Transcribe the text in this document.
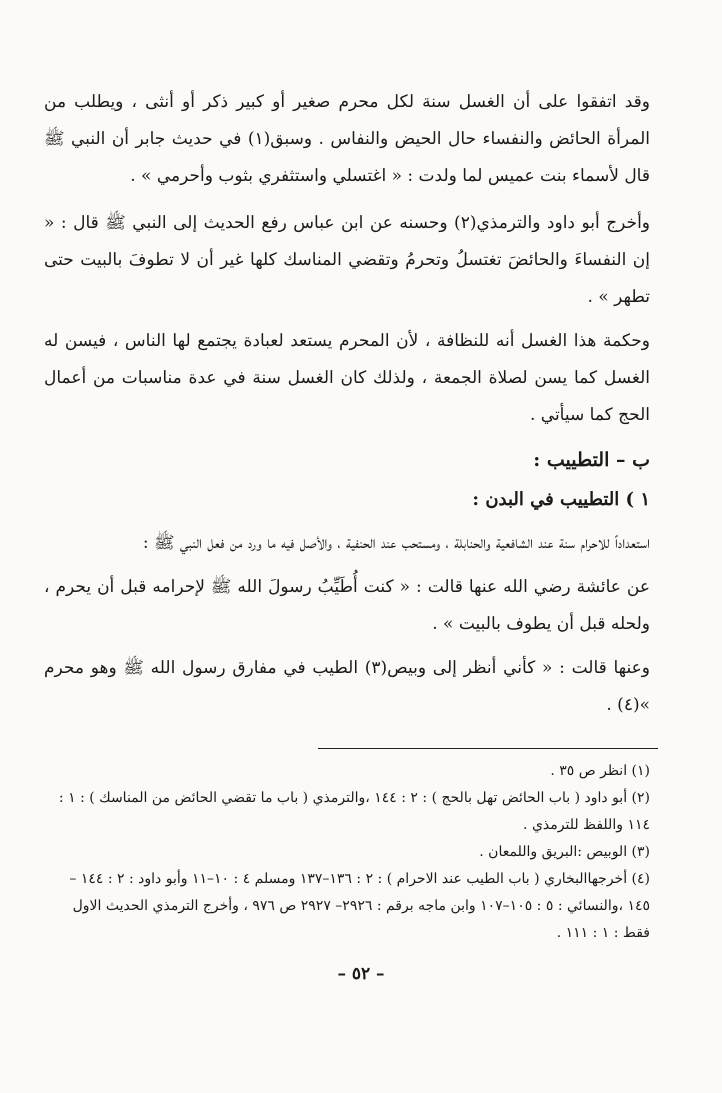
وقد اتفقوا على أن الغسل سنة لكل محرم صغير أو كبير ذكر أو أنثى ، ويطلب من المرأة الحائض والنفساء حال الحيض والنفاس . وسبق(١) في حديث جابر أن النبي ﷺ قال لأسماء بنت عميس لما ولدت : « اغتسلي واستثفري بثوب وأحرمي » .

وأخرج أبو داود والترمذي(٢) وحسنه عن ابن عباس رفع الحديث إلى النبي ﷺ قال : « إن النفساءَ والحائضَ تغتسلُ وتحرمُ وتقضي المناسك كلها غير أن لا تطوفَ بالبيت حتى تطهر » .

وحكمة هذا الغسل أنه للنظافة ، لأن المحرم يستعد لعبادة يجتمع لها الناس ، فيسن له الغسل كما يسن لصلاة الجمعة ، ولذلك كان الغسل سنة في عدة مناسبات من أعمال الحج كما سيأتي .

ب – التطييب :
١ ) التطييب في البدن :

استعداداً للاحرام سنة عند الشافعية والحنابلة ، ومستحب عند الحنفية ، والأصل فيه ما ورد من فعل النبي ﷺ :

عن عائشة رضي الله عنها قالت : « كنت أُطَيِّبُ رسولَ الله ﷺ لإحرامه قبل أن يحرم ، ولحله قبل أن يطوف بالبيت » .

وعنها قالت : « كأني أنظر إلى وبيص(٣) الطيب في مفارق رسول الله ﷺ وهو محرم »(٤) .

(١) انظر ص ٣٥ .

(٢) أبو داود ( باب الحائض تهل بالحج ) : ٢ : ١٤٤ ،والترمذي ( باب ما تقضي الحائض من المناسك ) : ١ : ١١٤ واللفظ للترمذي .

(٣) الوبيص :البريق واللمعان .

(٤) أخرجهاالبخاري ( باب الطيب عند الاحرام ) : ٢ : ١٣٦–١٣٧ ومسلم ٤ : ١٠–١١ وأبو داود : ٢ : ١٤٤ – ١٤٥ ،والنسائي : ٥ : ١٠٥–١٠٧ وابن ماجه برقم : ٢٩٢٦– ٢٩٢٧ ص ٩٧٦ ، وأخرج الترمذي الحديث الاول فقط : ١ : ١١١ .

– ٥٢ –
